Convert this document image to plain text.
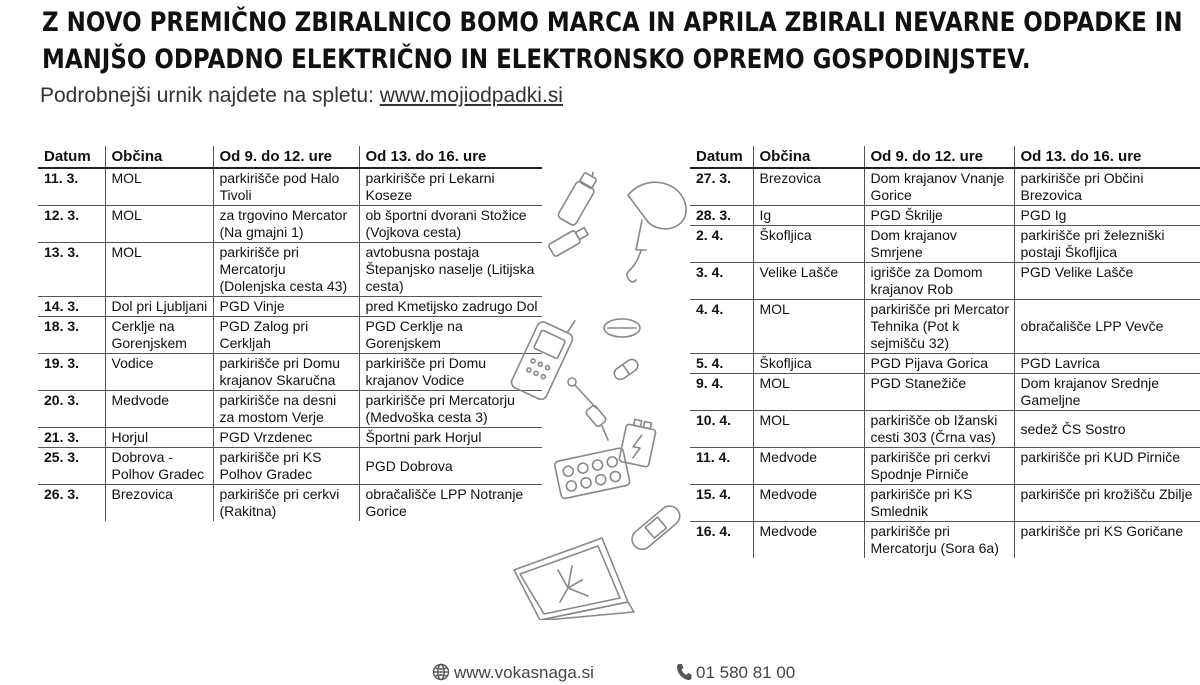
Z NOVO PREMIČNO ZBIRALNICO BOMO MARCA IN APRILA ZBIRALI NEVARNE ODPADKE IN
MANJŠO ODPADNO ELEKTRIČNO IN ELEKTRONSKO OPREMO GOSPODINJSTEV.
Podrobnejši urnik najdete na spletu: www.mojiodpadki.si
Datum	Občina	Od 9. do 12. ure	Od 13. do 16. ure
11. 3.	MOL	parkirišče pod Halo Tivoli	parkirišče pri Lekarni Koseze
12. 3.	MOL	za trgovino Mercator (Na gmajni 1)	ob športni dvorani Stožice (Vojkova cesta)
13. 3.	MOL	parkirišče pri Mercatorju (Dolenjska cesta 43)	avtobusna postaja Štepanjsko naselje (Litijska cesta)
14. 3.	Dol pri Ljubljani	PGD Vinje	pred Kmetijsko zadrugo Dol
18. 3.	Cerklje na Gorenjskem	PGD Zalog pri Cerkljah	PGD Cerklje na Gorenjskem
19. 3.	Vodice	parkirišče pri Domu krajanov Skaručna	parkirišče pri Domu krajanov Vodice
20. 3.	Medvode	parkirišče na desni za mostom Verje	parkirišče pri Mercatorju (Medvoška cesta 3)
21. 3.	Horjul	PGD Vrzdenec	Športni park Horjul
25. 3.	Dobrova - Polhov Gradec	parkirišče pri KS Polhov Gradec	PGD Dobrova
26. 3.	Brezovica	parkirišče pri cerkvi (Rakitna)	obračališče LPP Notranje Gorice
Datum	Občina	Od 9. do 12. ure	Od 13. do 16. ure
27. 3.	Brezovica	Dom krajanov Vnanje Gorice	parkirišče pri Občini Brezovica
28. 3.	Ig	PGD Škrilje	PGD Ig
2. 4.	Škofljica	Dom krajanov Smrjene	parkirišče pri železniški postaji Škofljica
3. 4.	Velike Lašče	igrišče za Domom krajanov Rob	PGD Velike Lašče
4. 4.	MOL	parkirišče pri Mercator Tehnika (Pot k sejmišču 32)	obračališče LPP Vevče
5. 4.	Škofljica	PGD Pijava Gorica	PGD Lavrica
9. 4.	MOL	PGD Stanežiče	Dom krajanov Srednje Gameljne
10. 4.	MOL	parkirišče ob Ižanski cesti 303 (Črna vas)	sedež ČS Sostro
11. 4.	Medvode	parkirišče pri cerkvi Spodnje Pirniče	parkirišče pri KUD Pirniče
15. 4.	Medvode	parkirišče pri KS Smlednik	parkirišče pri krožišču Zbilje
16. 4.	Medvode	parkirišče pri Mercatorju (Sora 6a)	parkirišče pri KS Goričane
www.vokasnaga.si	01 580 81 00
